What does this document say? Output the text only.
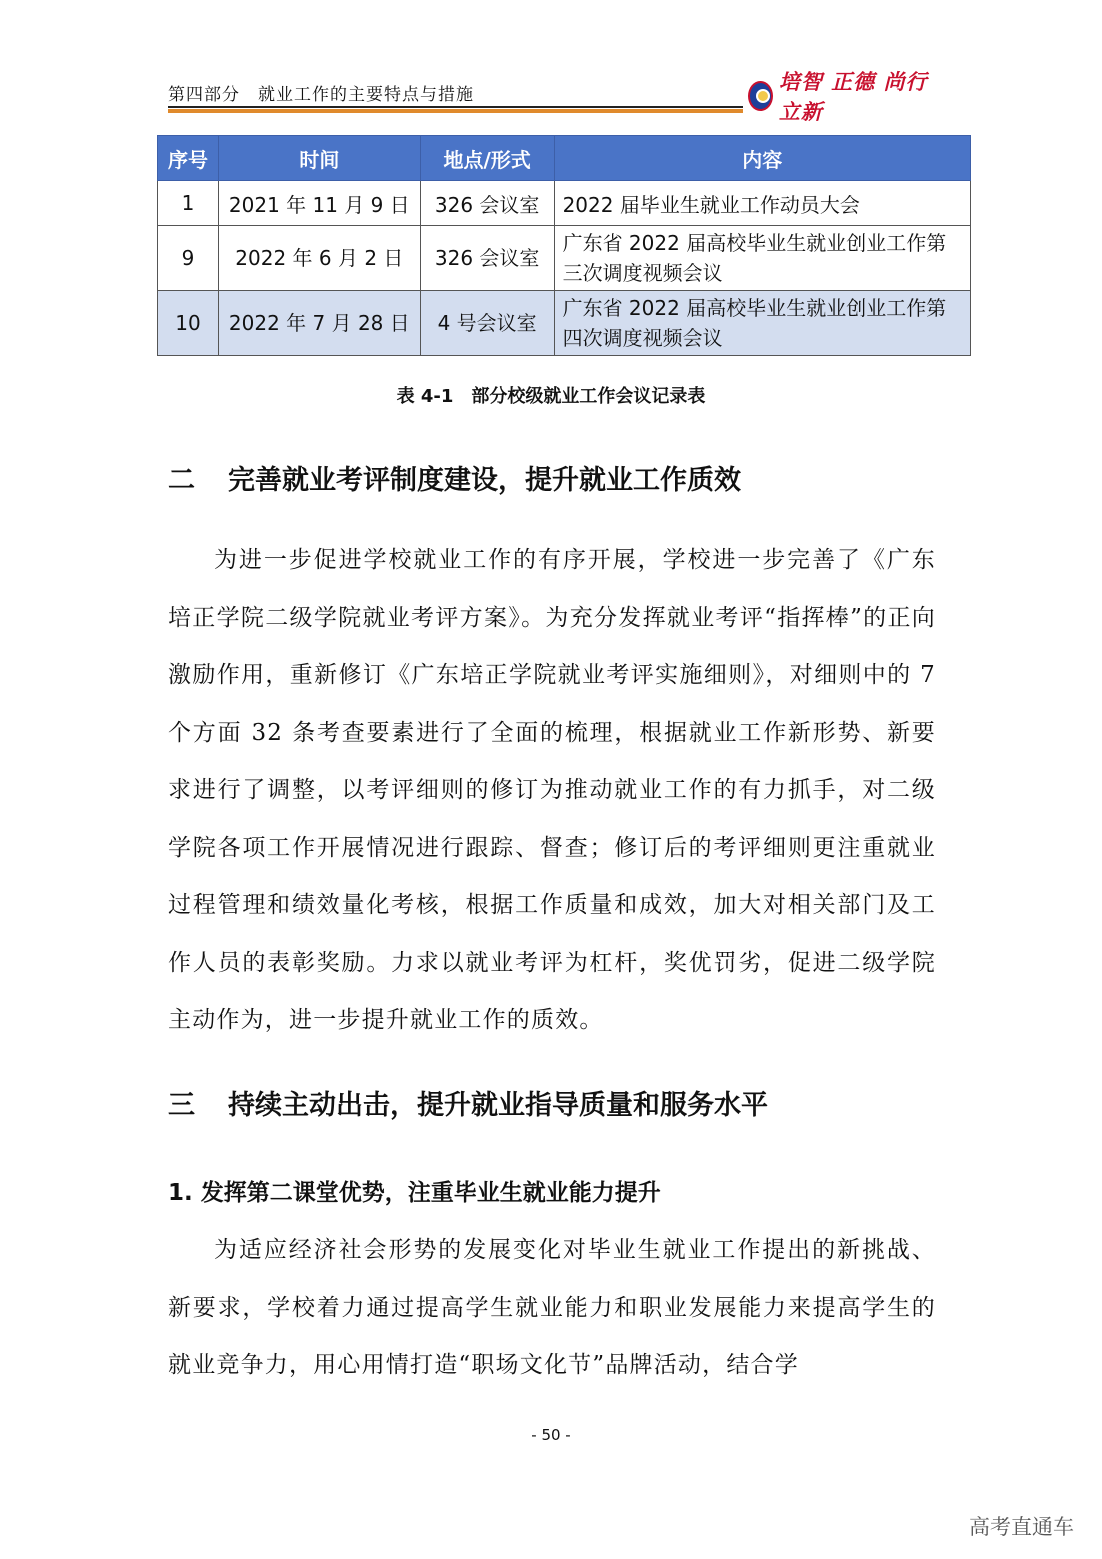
第四部分　就业工作的主要特点与措施
培智 正德 尚行 立新
序号	时间	地点/形式	内容
1	2021 年 11 月 9 日	326 会议室	2022 届毕业生就业工作动员大会
9	2022 年 6 月 2 日	326 会议室	广东省 2022 届高校毕业生就业创业工作第三次调度视频会议
10	2022 年 7 月 28 日	4 号会议室	广东省 2022 届高校毕业生就业创业工作第四次调度视频会议
表 4-1　部分校级就业工作会议记录表
二 完善就业考评制度建设，提升就业工作质效

为进一步促进学校就业工作的有序开展，学校进一步完善了《广东培正学院二级学院就业考评方案》。为充分发挥就业考评“指挥棒”的正向激励作用，重新修订《广东培正学院就业考评实施细则》，对细则中的 7 个方面 32 条考查要素进行了全面的梳理，根据就业工作新形势、新要求进行了调整，以考评细则的修订为推动就业工作的有力抓手，对二级学院各项工作开展情况进行跟踪、督查；修订后的考评细则更注重就业过程管理和绩效量化考核，根据工作质量和成效，加大对相关部门及工作人员的表彰奖励。力求以就业考评为杠杆，奖优罚劣，促进二级学院主动作为，进一步提升就业工作的质效。

三 持续主动出击，提升就业指导质量和服务水平
1. 发挥第二课堂优势，注重毕业生就业能力提升

为适应经济社会形势的发展变化对毕业生就业工作提出的新挑战、新要求，学校着力通过提高学生就业能力和职业发展能力来提高学生的就业竞争力，用心用情打造“职场文化节”品牌活动，结合学

- 50 -
高考直通车
